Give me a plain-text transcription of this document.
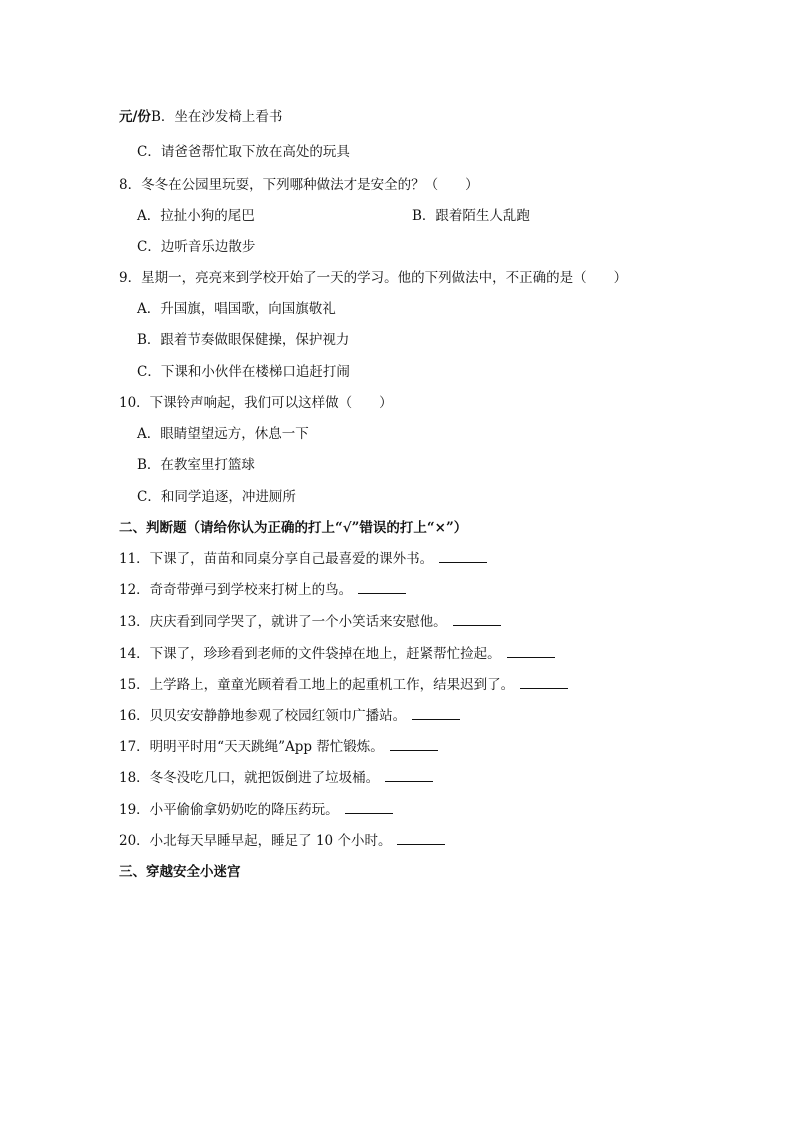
元/份B．坐在沙发椅上看书
C．请爸爸帮忙取下放在高处的玩具
8．冬冬在公园里玩耍，下列哪种做法才是安全的？（　　）
A．拉扯小狗的尾巴	B．跟着陌生人乱跑
C．边听音乐边散步
9．星期一，亮亮来到学校开始了一天的学习。他的下列做法中，不正确的是（　　）
A．升国旗，唱国歌，向国旗敬礼
B．跟着节奏做眼保健操，保护视力
C．下课和小伙伴在楼梯口追赶打闹
10．下课铃声响起，我们可以这样做（　　）
A．眼睛望望远方，休息一下
B．在教室里打篮球
C．和同学追逐，冲进厕所
二、判断题（请给你认为正确的打上“√”错误的打上“×”）
11．下课了，苗苗和同桌分享自己最喜爱的课外书。
12．奇奇带弹弓到学校来打树上的鸟。
13．庆庆看到同学哭了，就讲了一个小笑话来安慰他。
14．下课了，珍珍看到老师的文件袋掉在地上，赶紧帮忙捡起。
15．上学路上，童童光顾着看工地上的起重机工作，结果迟到了。
16．贝贝安安静静地参观了校园红领巾广播站。
17．明明平时用“天天跳绳”App 帮忙锻炼。
18．冬冬没吃几口，就把饭倒进了垃圾桶。
19．小平偷偷拿奶奶吃的降压药玩。
20．小北每天早睡早起，睡足了 10 个小时。
三、穿越安全小迷宫
